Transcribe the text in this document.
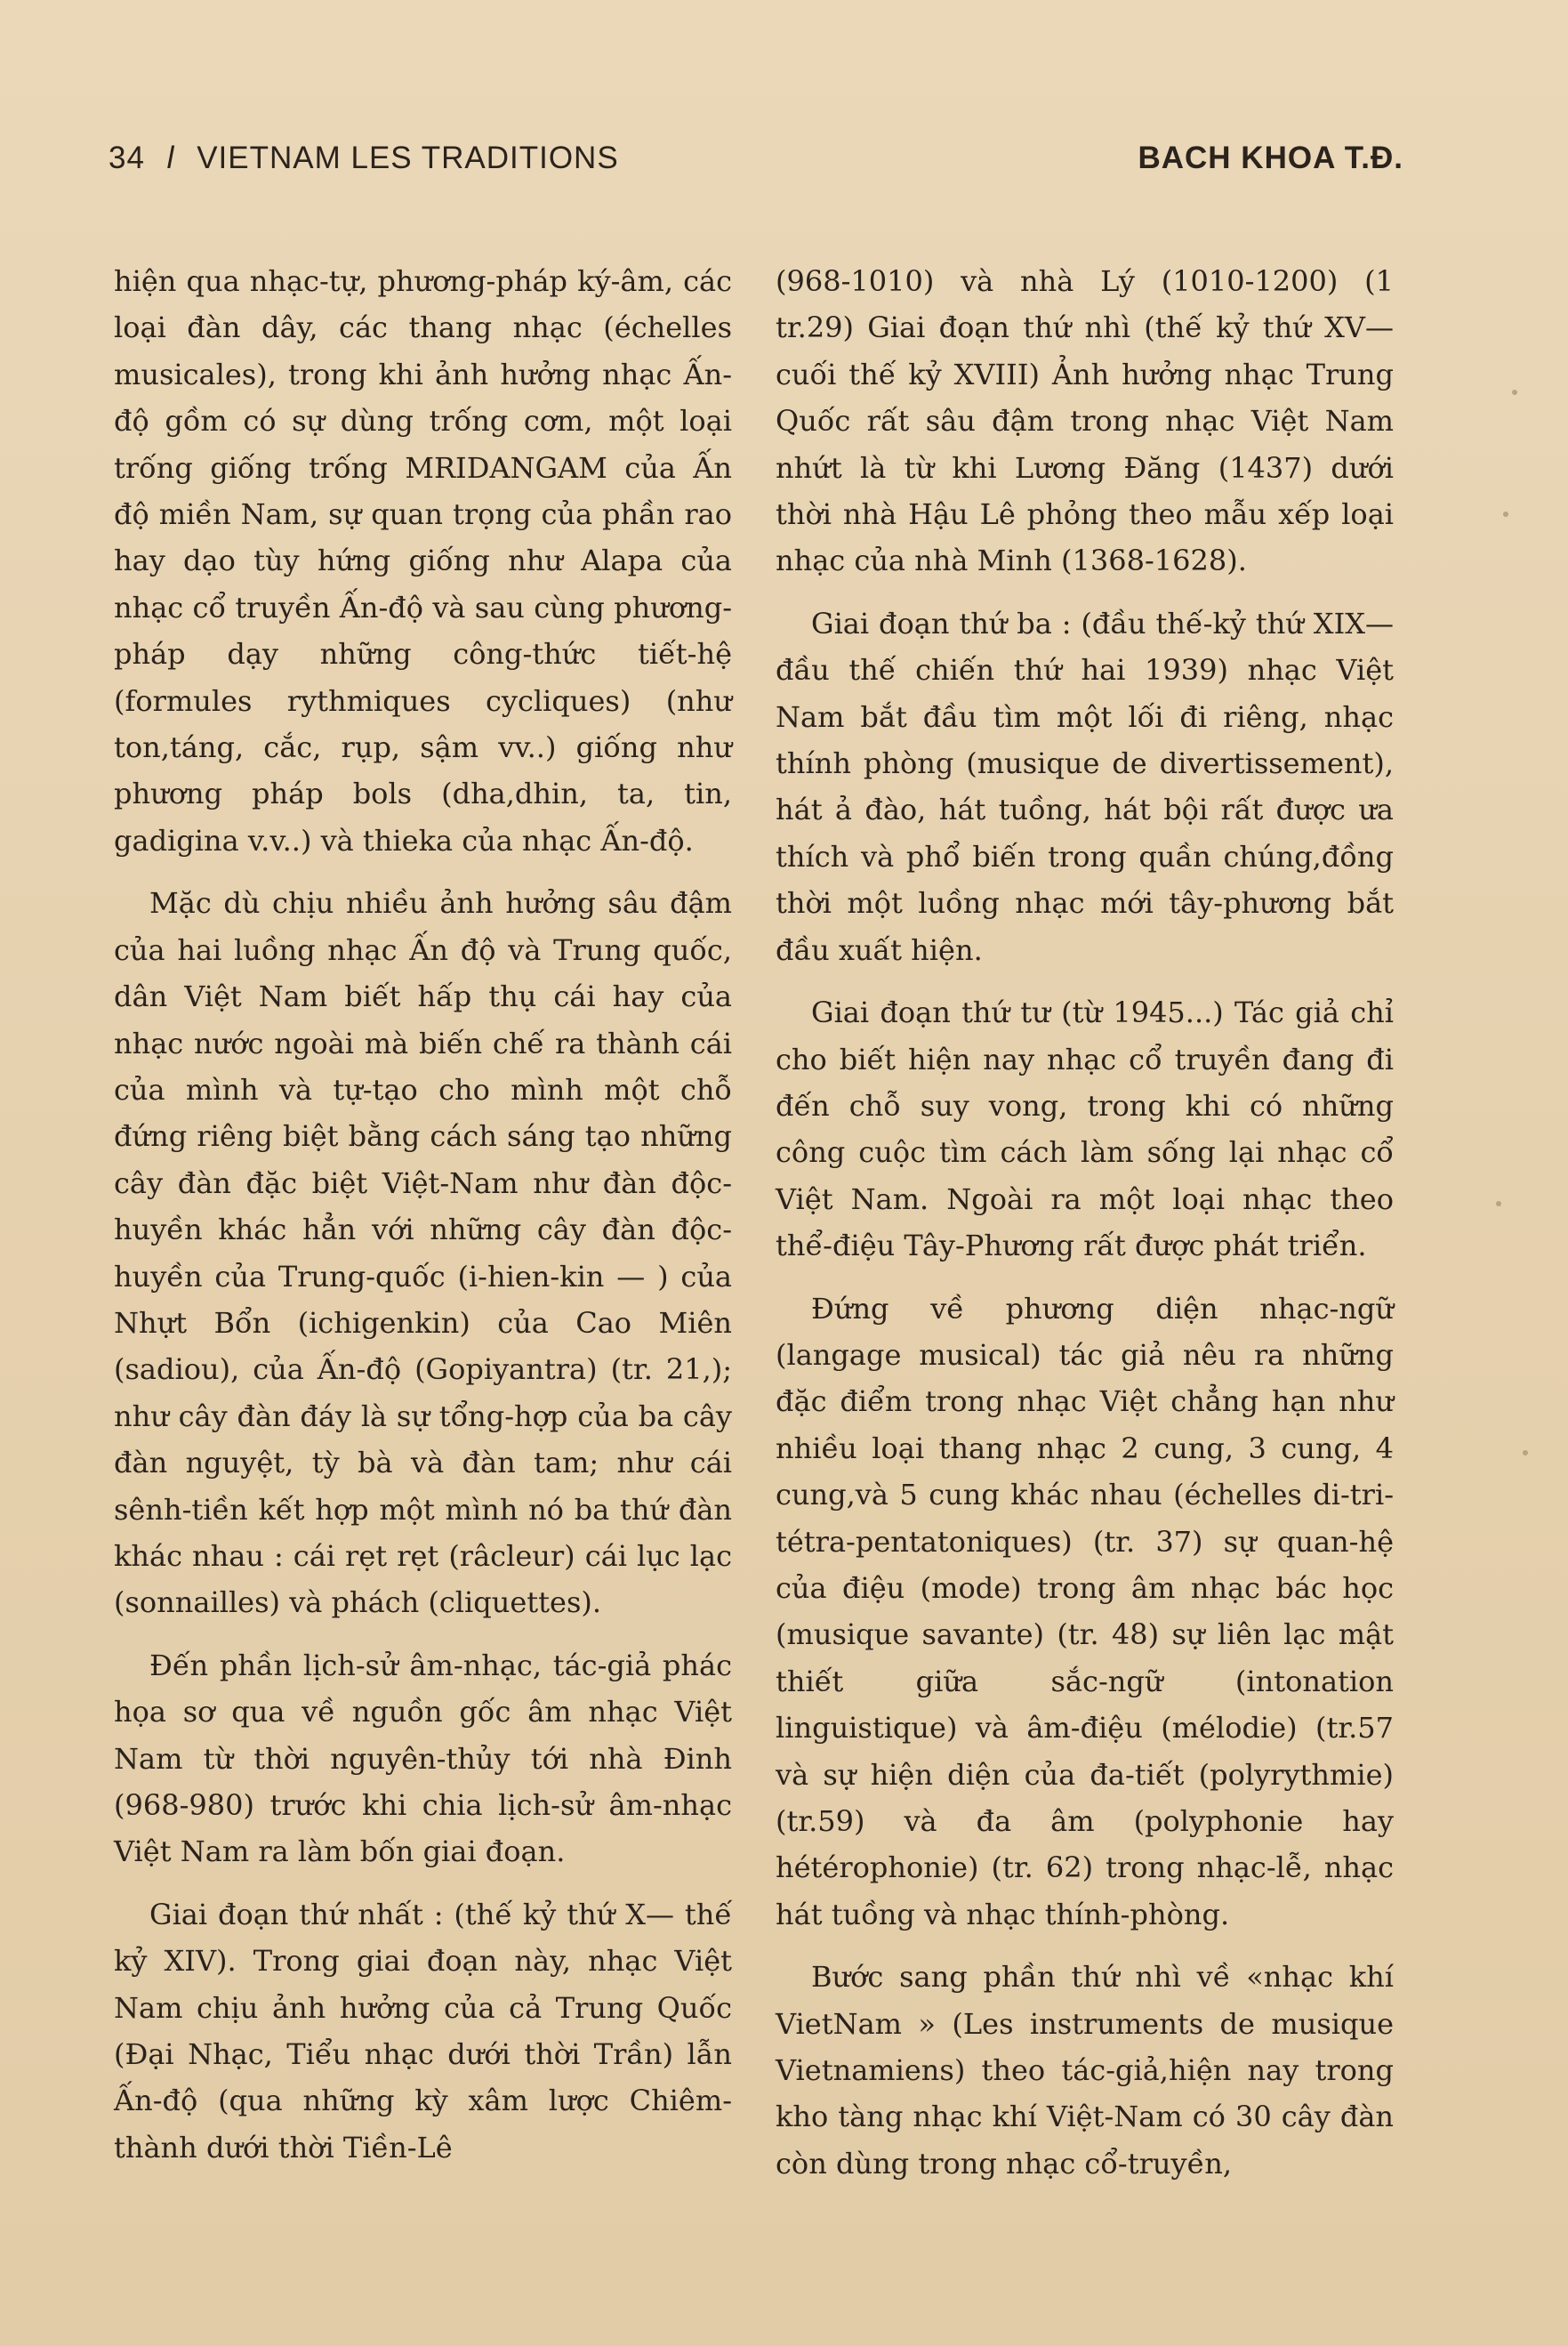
34 l VIETNAM LES TRADITIONS	BACH KHOA T.Đ.

hiện qua nhạc-tự, phương-pháp ký-âm, các loại đàn dây, các thang nhạc (échelles musicales), trong khi ảnh hưởng nhạc Ấn-độ gồm có sự dùng trống cơm, một loại trống giống trống MRIDANGAM của Ấn độ miền Nam, sự quan trọng của phần rao hay dạo tùy hứng giống như Alapa của nhạc cổ truyền Ấn-độ và sau cùng phương-pháp dạy những công-thức tiết-hệ (formules rythmiques cycliques) (như ton,táng, cắc, rụp, sậm vv..) giống như phương pháp bols (dha,dhin, ta, tin, gadigina v.v..) và thieka của nhạc Ấn-độ.

Mặc dù chịu nhiều ảnh hưởng sâu đậm của hai luồng nhạc Ấn độ và Trung quốc, dân Việt Nam biết hấp thụ cái hay của nhạc nước ngoài mà biến chế ra thành cái của mình và tự-tạo cho mình một chỗ đứng riêng biệt bằng cách sáng tạo những cây đàn đặc biệt Việt-Nam như đàn độc-huyền khác hẳn với những cây đàn độc-huyền của Trung-quốc (i-hien-kin — ) của Nhựt Bổn (ichigenkin) của Cao Miên (sadiou), của Ấn-độ (Gopiyantra) (tr. 21,); như cây đàn đáy là sự tổng-hợp của ba cây đàn nguyệt, tỳ bà và đàn tam; như cái sênh-tiền kết hợp một mình nó ba thứ đàn khác nhau : cái rẹt rẹt (râcleur) cái lục lạc (sonnailles) và phách (cliquettes).

Đến phần lịch-sử âm-nhạc, tác-giả phác họa sơ qua về nguồn gốc âm nhạc Việt Nam từ thời nguyên-thủy tới nhà Đinh (968-980) trước khi chia lịch-sử âm-nhạc Việt Nam ra làm bốn giai đoạn.

Giai đoạn thứ nhất : (thế kỷ thứ X— thế kỷ XIV). Trong giai đoạn này, nhạc Việt Nam chịu ảnh hưởng của cả Trung Quốc (Đại Nhạc, Tiểu nhạc dưới thời Trần) lẫn Ấn-độ (qua những kỳ xâm lược Chiêm-thành dưới thời Tiền-Lê

(968-1010) và nhà Lý (1010-1200) (1 tr.29) Giai đoạn thứ nhì (thế kỷ thứ XV—cuối thế kỷ XVIII) Ảnh hưởng nhạc Trung Quốc rất sâu đậm trong nhạc Việt Nam nhứt là từ khi Lương Đăng (1437) dưới thời nhà Hậu Lê phỏng theo mẫu xếp loại nhạc của nhà Minh (1368-1628).

Giai đoạn thứ ba : (đầu thế-kỷ thứ XIX—đầu thế chiến thứ hai 1939) nhạc Việt Nam bắt đầu tìm một lối đi riêng, nhạc thính phòng (musique de divertissement), hát ả đào, hát tuồng, hát bội rất được ưa thích và phổ biến trong quần chúng,đồng thời một luồng nhạc mới tây-phương bắt đầu xuất hiện.

Giai đoạn thứ tư (từ 1945...) Tác giả chỉ cho biết hiện nay nhạc cổ truyền đang đi đến chỗ suy vong, trong khi có những công cuộc tìm cách làm sống lại nhạc cổ Việt Nam. Ngoài ra một loại nhạc theo thể-điệu Tây-Phương rất được phát triển.

Đứng về phương diện nhạc-ngữ (langage musical) tác giả nêu ra những đặc điểm trong nhạc Việt chẳng hạn như nhiều loại thang nhạc 2 cung, 3 cung, 4 cung,và 5 cung khác nhau (échelles di-tri-tétra-pentatoniques) (tr. 37) sự quan-hệ của điệu (mode) trong âm nhạc bác học (musique savante) (tr. 48) sự liên lạc mật thiết giữa sắc-ngữ (intonation linguistique) và âm-điệu (mélodie) (tr.57 và sự hiện diện của đa-tiết (polyrythmie) (tr.59) và đa âm (polyphonie hay hétérophonie) (tr. 62) trong nhạc-lễ, nhạc hát tuồng và nhạc thính-phòng.

Bước sang phần thứ nhì về «nhạc khí VietNam » (Les instruments de musique Vietnamiens) theo tác-giả,hiện nay trong kho tàng nhạc khí Việt-Nam có 30 cây đàn còn dùng trong nhạc cổ-truyền,
